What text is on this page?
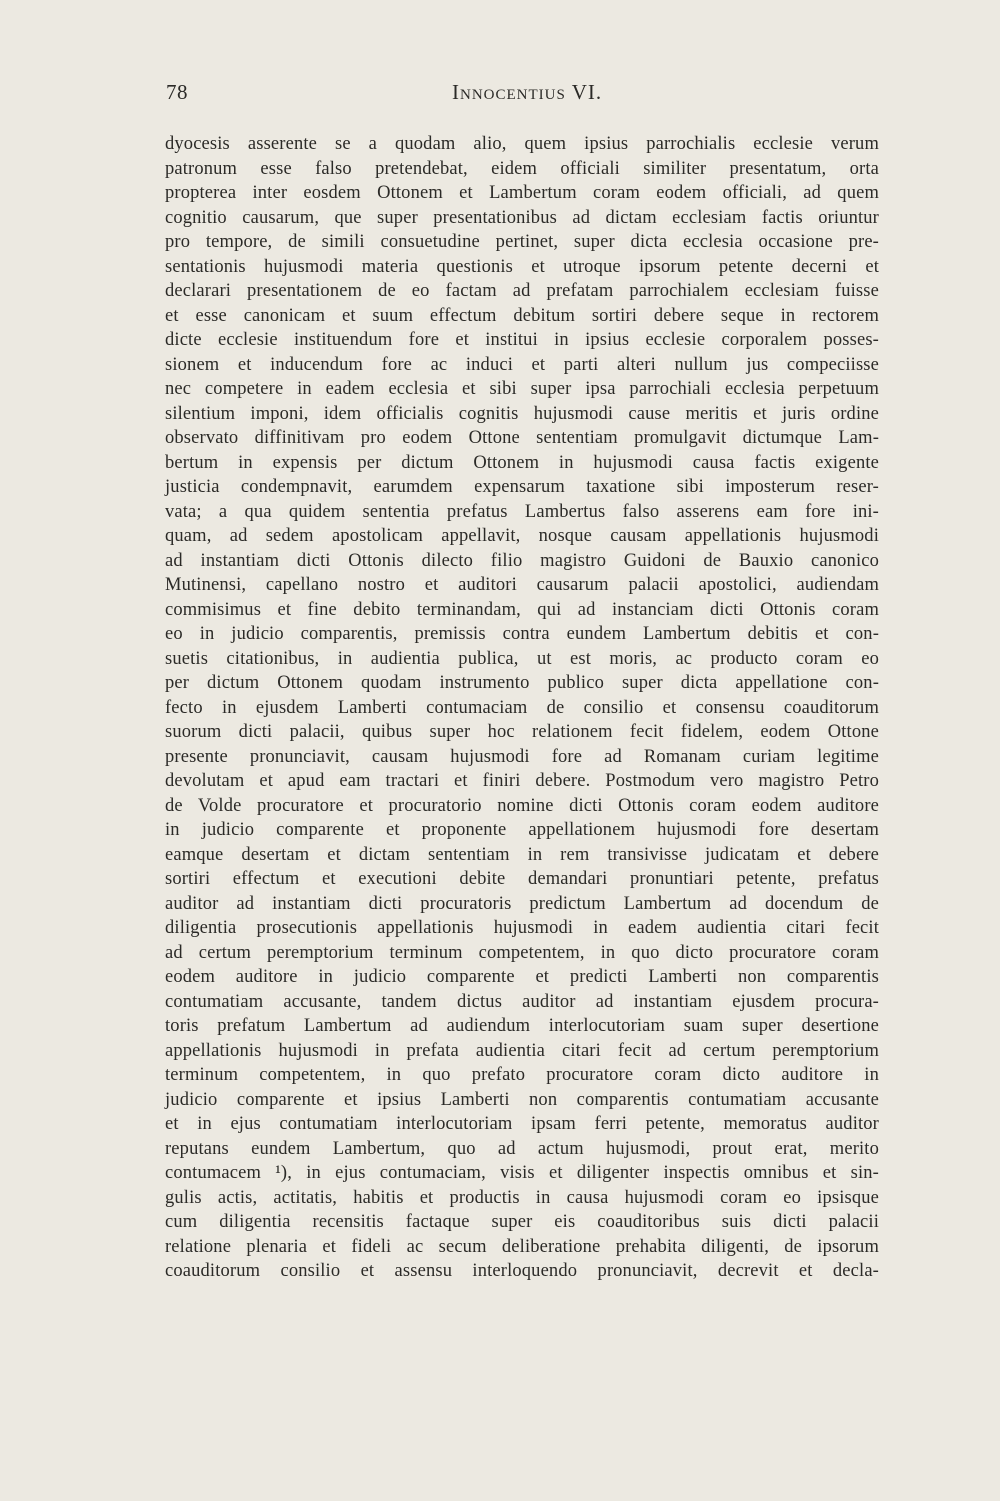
78	Innocentius VI.
dyocesis asserente se a quodam alio, quem ipsius parrochialis ecclesie verum
patronum esse falso pretendebat, eidem officiali similiter presentatum, orta
propterea inter eosdem Ottonem et Lambertum coram eodem officiali, ad quem
cognitio causarum, que super presentationibus ad dictam ecclesiam factis oriuntur
pro tempore, de simili consuetudine pertinet, super dicta ecclesia occasione pre-
sentationis hujusmodi materia questionis et utroque ipsorum petente decerni et
declarari presentationem de eo factam ad prefatam parrochialem ecclesiam fuisse
et esse canonicam et suum effectum debitum sortiri debere seque in rectorem
dicte ecclesie instituendum fore et institui in ipsius ecclesie corporalem posses-
sionem et inducendum fore ac induci et parti alteri nullum jus compeciisse
nec competere in eadem ecclesia et sibi super ipsa parrochiali ecclesia perpetuum
silentium imponi, idem officialis cognitis hujusmodi cause meritis et juris ordine
observato diffinitivam pro eodem Ottone sententiam promulgavit dictumque Lam-
bertum in expensis per dictum Ottonem in hujusmodi causa factis exigente
justicia condempnavit, earumdem expensarum taxatione sibi imposterum reser-
vata; a qua quidem sententia prefatus Lambertus falso asserens eam fore ini-
quam, ad sedem apostolicam appellavit, nosque causam appellationis hujusmodi
ad instantiam dicti Ottonis dilecto filio magistro Guidoni de Bauxio canonico
Mutinensi, capellano nostro et auditori causarum palacii apostolici, audiendam
commisimus et fine debito terminandam, qui ad instanciam dicti Ottonis coram
eo in judicio comparentis, premissis contra eundem Lambertum debitis et con-
suetis citationibus, in audientia publica, ut est moris, ac producto coram eo
per dictum Ottonem quodam instrumento publico super dicta appellatione con-
fecto in ejusdem Lamberti contumaciam de consilio et consensu coauditorum
suorum dicti palacii, quibus super hoc relationem fecit fidelem, eodem Ottone
presente pronunciavit, causam hujusmodi fore ad Romanam curiam legitime
devolutam et apud eam tractari et finiri debere. Postmodum vero magistro Petro
de Volde procuratore et procuratorio nomine dicti Ottonis coram eodem auditore
in judicio comparente et proponente appellationem hujusmodi fore desertam
eamque desertam et dictam sententiam in rem transivisse judicatam et debere
sortiri effectum et executioni debite demandari pronuntiari petente, prefatus
auditor ad instantiam dicti procuratoris predictum Lambertum ad docendum de
diligentia prosecutionis appellationis hujusmodi in eadem audientia citari fecit
ad certum peremptorium terminum competentem, in quo dicto procuratore coram
eodem auditore in judicio comparente et predicti Lamberti non comparentis
contumatiam accusante, tandem dictus auditor ad instantiam ejusdem procura-
toris prefatum Lambertum ad audiendum interlocutoriam suam super desertione
appellationis hujusmodi in prefata audientia citari fecit ad certum peremptorium
terminum competentem, in quo prefato procuratore coram dicto auditore in
judicio comparente et ipsius Lamberti non comparentis contumatiam accusante
et in ejus contumatiam interlocutoriam ipsam ferri petente, memoratus auditor
reputans eundem Lambertum, quo ad actum hujusmodi, prout erat, merito
contumacem ¹), in ejus contumaciam, visis et diligenter inspectis omnibus et sin-
gulis actis, actitatis, habitis et productis in causa hujusmodi coram eo ipsisque
cum diligentia recensitis factaque super eis coauditoribus suis dicti palacii
relatione plenaria et fideli ac secum deliberatione prehabita diligenti, de ipsorum
coauditorum consilio et assensu interloquendo pronunciavit, decrevit et decla-
